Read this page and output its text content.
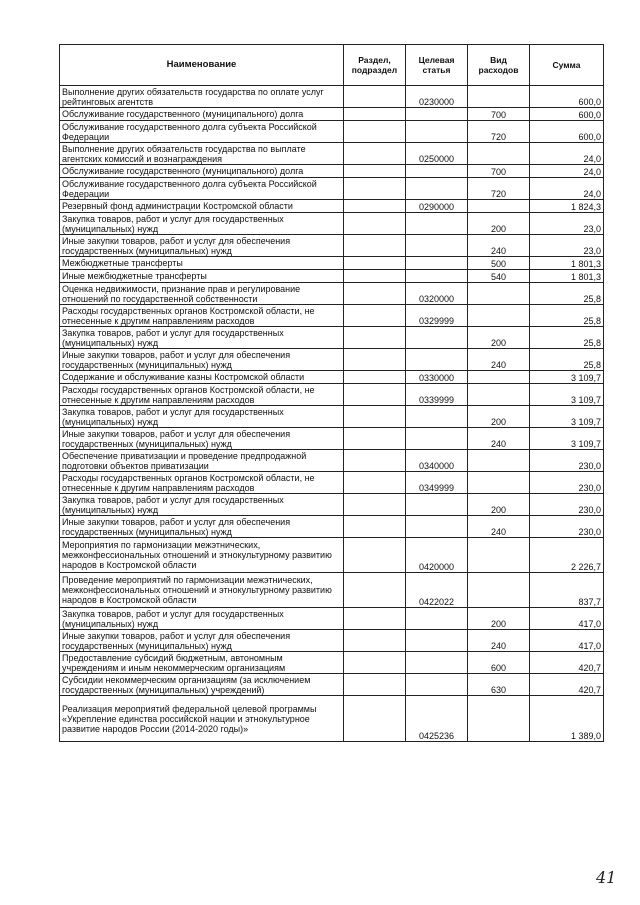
Наименование	Раздел, подраздел	Целевая статья	Вид расходов	Сумма
Выполнение других обязательств государства по оплате услуг рейтинговых агентств		0230000		600,0
Обслуживание государственного (муниципального) долга			700	600,0
Обслуживание государственного долга субъекта Российской Федерации			720	600,0
Выполнение других обязательств государства по выплате агентских комиссий и вознаграждения		0250000		24,0
Обслуживание государственного (муниципального) долга			700	24,0
Обслуживание государственного долга субъекта Российской Федерации			720	24,0
Резервный фонд администрации Костромской области		0290000		1 824,3
Закупка товаров, работ и услуг для государственных (муниципальных) нужд			200	23,0
Иные закупки товаров, работ и услуг для обеспечения государственных (муниципальных) нужд			240	23,0
Межбюджетные трансферты			500	1 801,3
Иные межбюджетные трансферты			540	1 801,3
Оценка недвижимости, признание прав и регулирование отношений по государственной собственности		0320000		25,8
Расходы государственных органов Костромской области, не отнесенные к другим направлениям расходов		0329999		25,8
Закупка товаров, работ и услуг для государственных (муниципальных) нужд			200	25,8
Иные закупки товаров, работ и услуг для обеспечения государственных (муниципальных) нужд			240	25,8
Содержание и обслуживание казны Костромской области		0330000		3 109,7
Расходы государственных органов Костромской области, не отнесенные к другим направлениям расходов		0339999		3 109,7
Закупка товаров, работ и услуг для государственных (муниципальных) нужд			200	3 109,7
Иные закупки товаров, работ и услуг для обеспечения государственных (муниципальных) нужд			240	3 109,7
Обеспечение приватизации и проведение предпродажной подготовки объектов приватизации		0340000		230,0
Расходы государственных органов Костромской области, не отнесенные к другим направлениям расходов		0349999		230,0
Закупка товаров, работ и услуг для государственных (муниципальных) нужд			200	230,0
Иные закупки товаров, работ и услуг для обеспечения государственных (муниципальных) нужд			240	230,0
Мероприятия по гармонизации межэтнических, межконфессиональных отношений и этнокультурному развитию народов в Костромской области		0420000		2 226,7
Проведение мероприятий по гармонизации межэтнических, межконфессиональных отношений и этнокультурному развитию народов в Костромской области		0422022		837,7
Закупка товаров, работ и услуг для государственных (муниципальных) нужд			200	417,0
Иные закупки товаров, работ и услуг для обеспечения государственных (муниципальных) нужд			240	417,0
Предоставление субсидий бюджетным, автономным учреждениям и иным некоммерческим организациям			600	420,7
Субсидии некоммерческим организациям (за исключением государственных (муниципальных) учреждений)			630	420,7
Реализация мероприятий федеральной целевой программы «Укрепление единства российской нации и этнокультурное развитие народов России (2014-2020 годы)»		0425236		1 389,0
41
